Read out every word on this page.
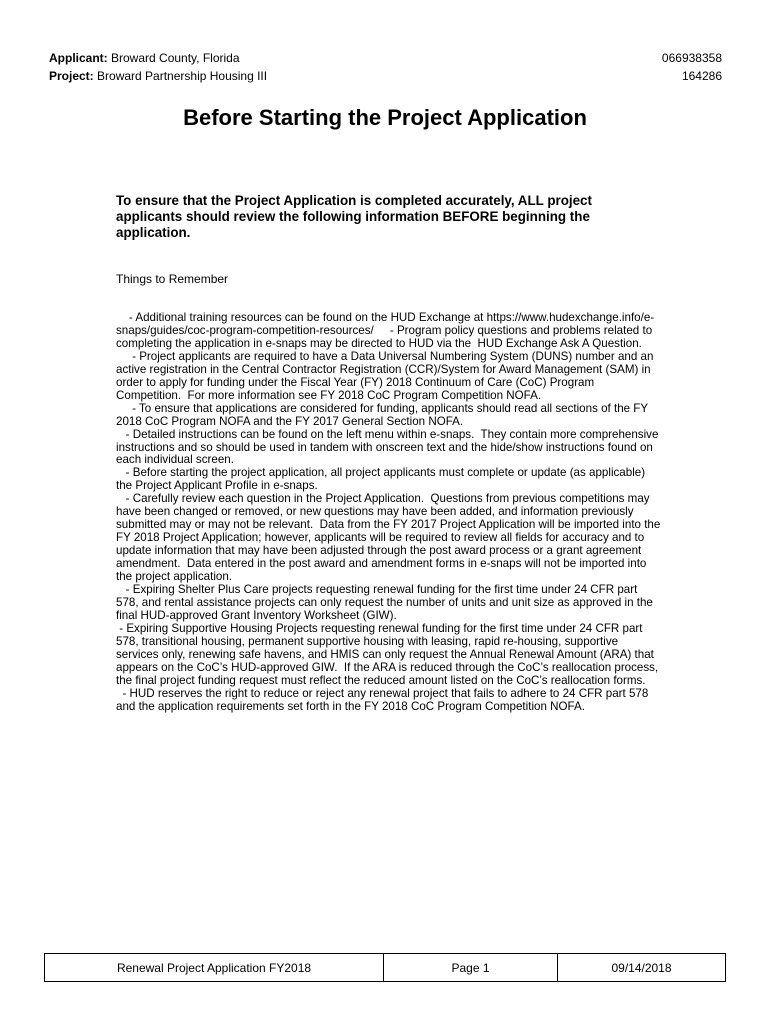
Applicant: Broward County, Florida	066938358
Project: Broward Partnership Housing III	164286
Before Starting the Project Application
To ensure that the Project Application is completed accurately, ALL project applicants should review the following information BEFORE beginning the application.
Things to Remember

- Additional training resources can be found on the HUD Exchange at https://www.hudexchange.info/e-snaps/guides/coc-program-competition-resources/     - Program policy questions and problems related to completing the application in e-snaps may be directed to HUD via the  HUD Exchange Ask A Question.

- Project applicants are required to have a Data Universal Numbering System (DUNS) number and an active registration in the Central Contractor Registration (CCR)/System for Award Management (SAM) in order to apply for funding under the Fiscal Year (FY) 2018 Continuum of Care (CoC) Program Competition.  For more information see FY 2018 CoC Program Competition NOFA.

- To ensure that applications are considered for funding, applicants should read all sections of the FY 2018 CoC Program NOFA and the FY 2017 General Section NOFA.

- Detailed instructions can be found on the left menu within e-snaps.  They contain more comprehensive instructions and so should be used in tandem with onscreen text and the hide/show instructions found on each individual screen.

- Before starting the project application, all project applicants must complete or update (as applicable) the Project Applicant Profile in e-snaps.

- Carefully review each question in the Project Application.  Questions from previous competitions may have been changed or removed, or new questions may have been added, and information previously submitted may or may not be relevant.  Data from the FY 2017 Project Application will be imported into the FY 2018 Project Application; however, applicants will be required to review all fields for accuracy and to update information that may have been adjusted through the post award process or a grant agreement amendment.  Data entered in the post award and amendment forms in e-snaps will not be imported into the project application.

- Expiring Shelter Plus Care projects requesting renewal funding for the first time under 24 CFR part 578, and rental assistance projects can only request the number of units and unit size as approved in the final HUD-approved Grant Inventory Worksheet (GIW).

- Expiring Supportive Housing Projects requesting renewal funding for the first time under 24 CFR part 578, transitional housing, permanent supportive housing with leasing, rapid re-housing, supportive services only, renewing safe havens, and HMIS can only request the Annual Renewal Amount (ARA) that appears on the CoC’s HUD-approved GIW.  If the ARA is reduced through the CoC’s reallocation process, the final project funding request must reflect the reduced amount listed on the CoC’s reallocation forms.

- HUD reserves the right to reduce or reject any renewal project that fails to adhere to 24 CFR part 578 and the application requirements set forth in the FY 2018 CoC Program Competition NOFA.

Renewal Project Application FY2018	Page 1	09/14/2018
